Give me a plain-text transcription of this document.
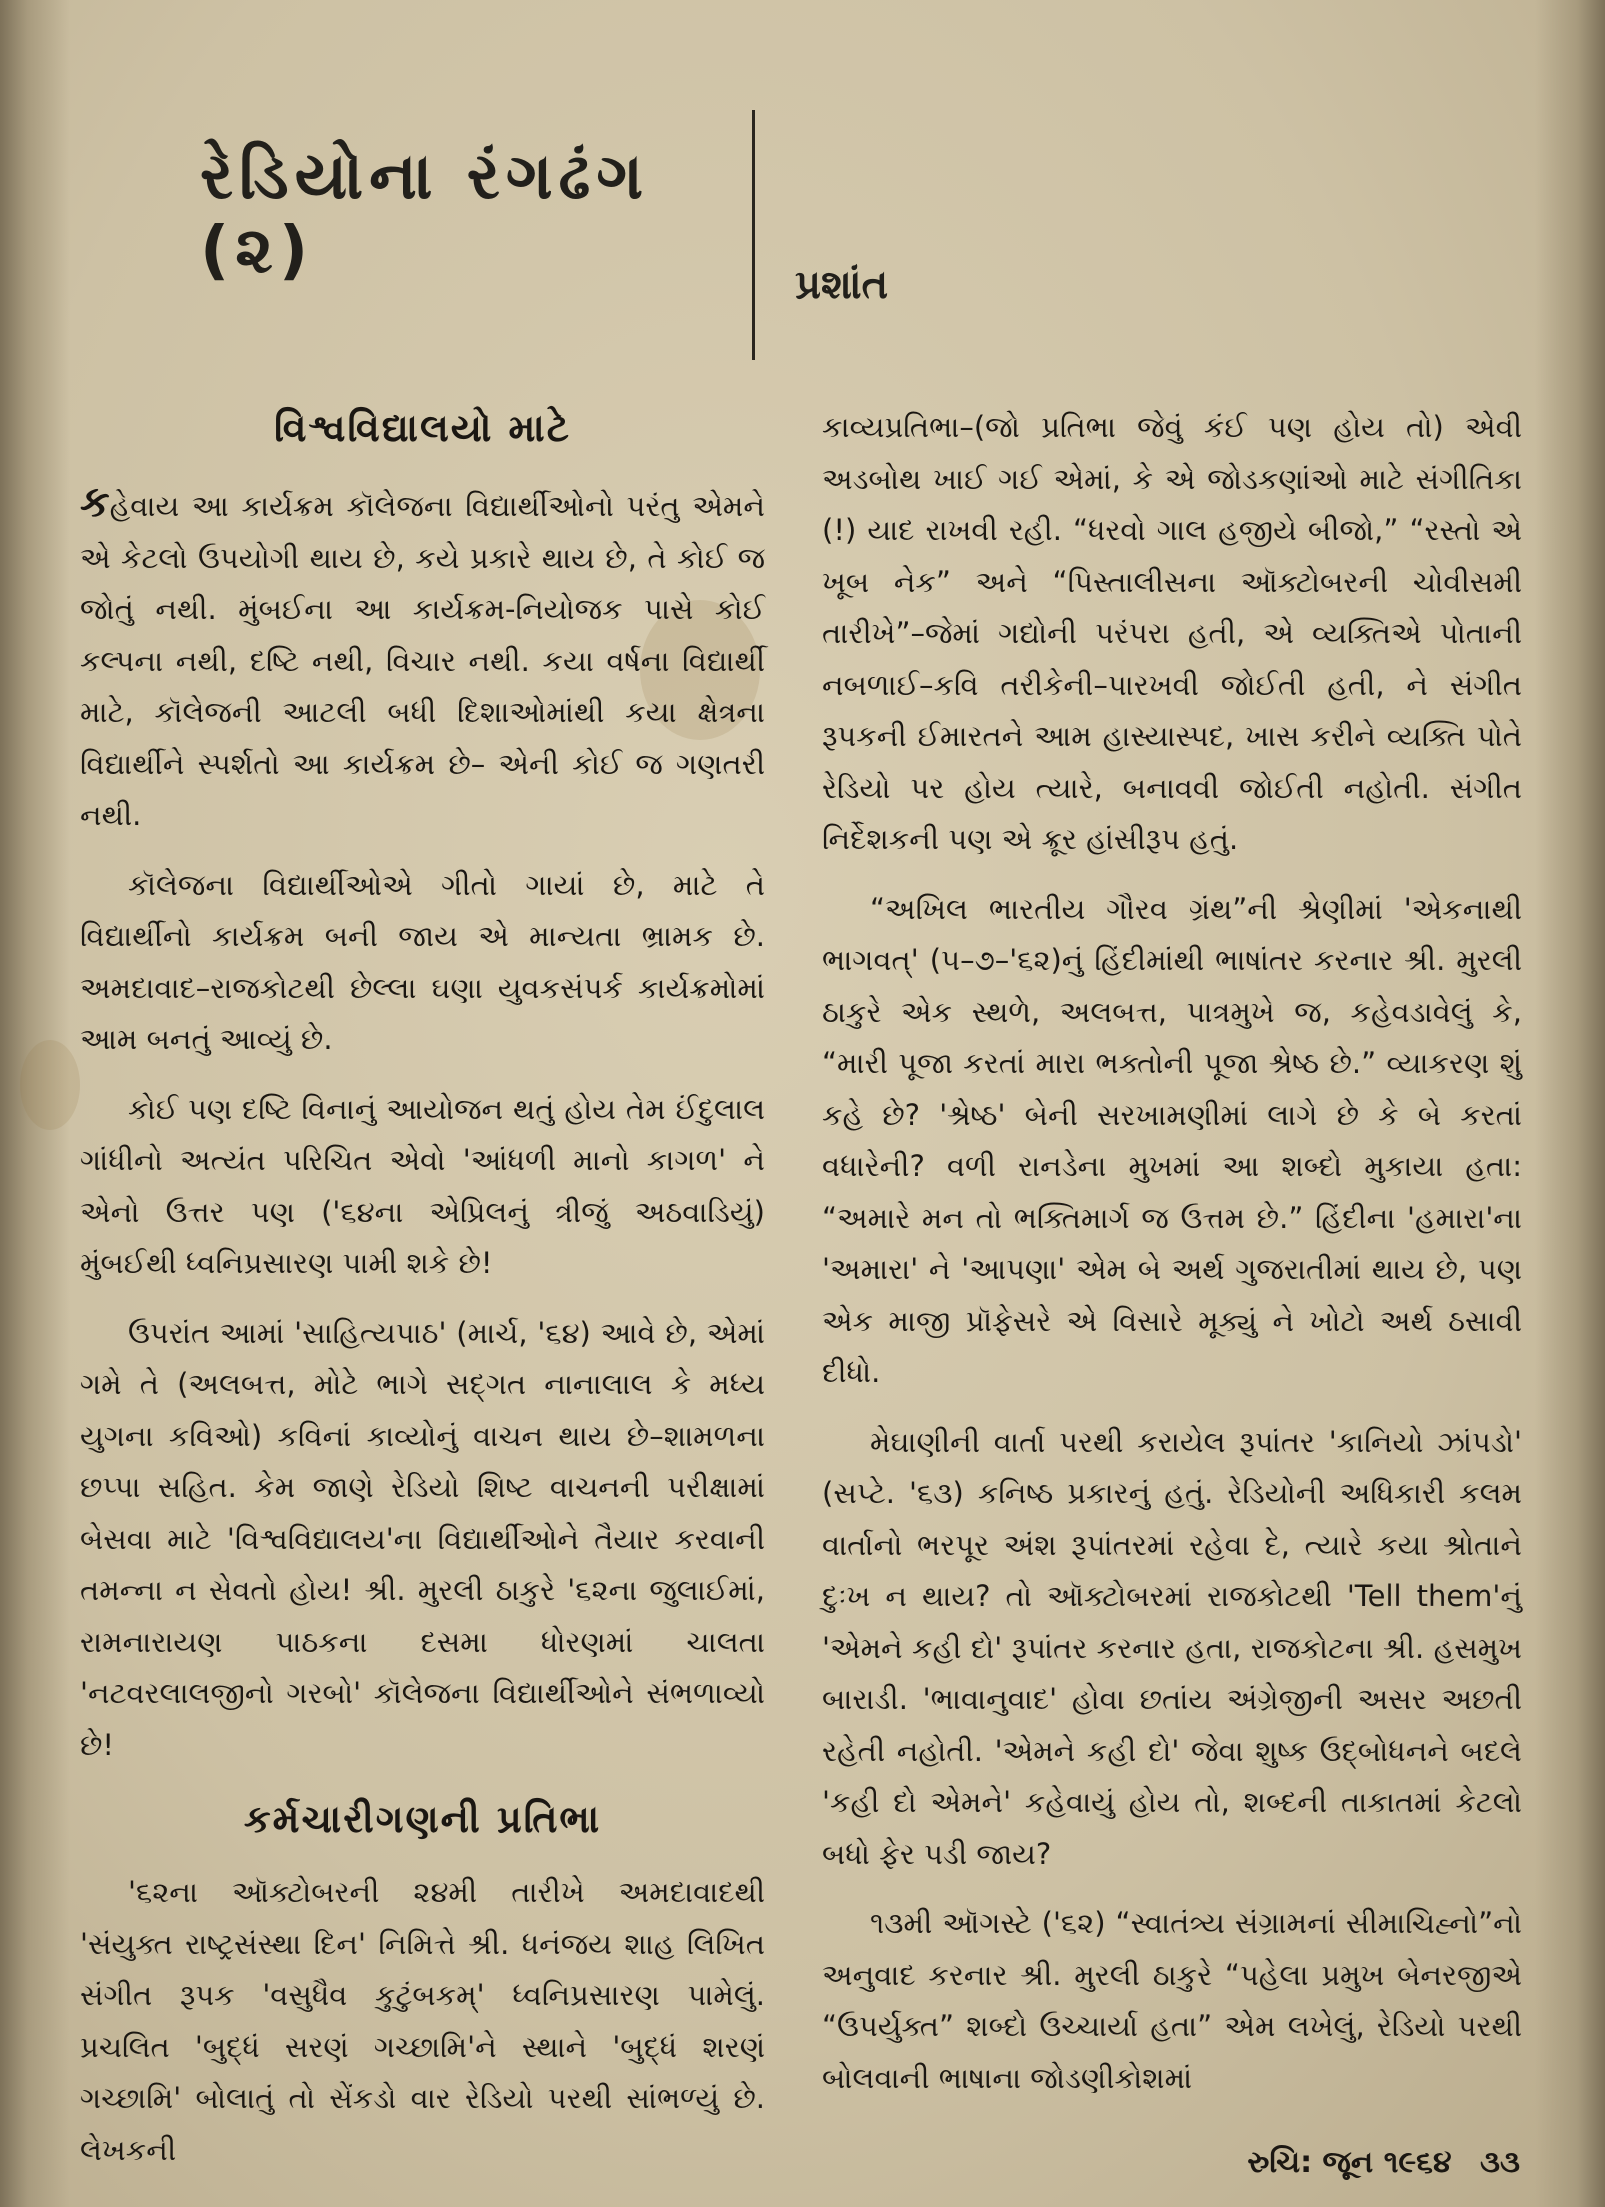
રેડિયોના રંગઢંગ (૨)	પ્રશાંત
વિશ્વવિદ્યાલયો માટે

કહેવાય આ કાર્યક્રમ કૉલેજના વિદ્યાર્થીઓનો પરંતુ એમને એ કેટલો ઉપયોગી થાય છે, કયે પ્રકારે થાય છે, તે કોઈ જ જોતું નથી. મુંબઈના આ કાર્યક્રમ-નિયોજક પાસે કોઈ કલ્પના નથી, દષ્ટિ નથી, વિચાર નથી. કયા વર્ષના વિદ્યાર્થી માટે, કૉલેજની આટલી બધી દિશાઓમાંથી કયા ક્ષેત્રના વિદ્યાર્થીને સ્પર્શતો આ કાર્યક્રમ છે– એની કોઈ જ ગણતરી નથી.

કૉલેજના વિદ્યાર્થીઓએ ગીતો ગાયાં છે, માટે તે વિદ્યાર્થીનો કાર્યક્રમ બની જાય એ માન્યતા ભ્રામક છે. અમદાવાદ–રાજકોટથી છેલ્લા ઘણા યુવકસંપર્ક કાર્યક્રમોમાં આમ બનતું આવ્યું છે.

કોઈ પણ દષ્ટિ વિનાનું આયોજન થતું હોય તેમ ઈંદુલાલ ગાંધીનો અત્યંત પરિચિત એવો 'આંધળી માનો કાગળ' ને એનો ઉત્તર પણ ('૬૪ના એપ્રિલનું ત્રીજું અઠવાડિયું) મુંબઈથી ધ્વનિપ્રસારણ પામી શકે છે!

ઉપરાંત આમાં 'સાહિત્યપાઠ' (માર્ચ, '૬૪) આવે છે, એમાં ગમે તે (અલબત્ત, મોટે ભાગે સદ્‌ગત નાનાલાલ કે મધ્ય યુગના કવિઓ) કવિનાં કાવ્યોનું વાચન થાય છે–શામળના છપ્પા સહિત. કેમ જાણે રેડિયો શિષ્ટ વાચનની પરીક્ષામાં બેસવા માટે 'વિશ્વવિદ્યાલય'ના વિદ્યાર્થીઓને તૈયાર કરવાની તમન્ના ન સેવતો હોય! શ્રી. મુરલી ઠાકુરે '૬૨ના જુલાઈમાં, રામનારાયણ પાઠકના દસમા ધોરણમાં ચાલતા 'નટવરલાલજીનો ગરબો' કૉલેજના વિદ્યાર્થીઓને સંભળાવ્યો છે!

કર્મચારીગણની પ્રતિભા

'૬૨ના ઑક્ટોબરની ૨૪મી તારીખે અમદાવાદથી 'સંયુક્ત રાષ્ટ્રસંસ્થા દિન' નિમિત્તે શ્રી. ધનંજય શાહ લિખિત સંગીત રૂપક 'વસુધૈવ કુટુંબકમ્' ધ્વનિપ્રસારણ પામેલું. પ્રચલિત 'બુદ્ધં સરણં ગચ્છામિ'ને સ્થાને 'બુદ્ધં શરણં ગચ્છામિ' બોલાતું તો સેંકડો વાર રેડિયો પરથી સાંભળ્યું છે. લેખકની

કાવ્યપ્રતિભા–(જો પ્રતિભા જેવું કંઈ પણ હોય તો) એવી અડબોથ ખાઈ ગઈ એમાં, કે એ જોડકણાંઓ માટે સંગીતિકા (!) યાદ રાખવી રહી. “ધરવો ગાલ હજીયે બીજો,” “રસ્તો એ ખૂબ નેક” અને “પિસ્તાલીસના ઑક્ટોબરની ચોવીસમી તારીખે”–જેમાં ગદ્યોની પરંપરા હતી, એ વ્યક્તિએ પોતાની નબળાઈ–કવિ તરીકેની–પારખવી જોઈતી હતી, ને સંગીત રૂપકની ઈમારતને આમ હાસ્યાસ્પદ, ખાસ કરીને વ્યક્તિ પોતે રેડિયો પર હોય ત્યારે, બનાવવી જોઈતી નહોતી. સંગીત નિર્દેશકની પણ એ ક્રૂર હાંસીરૂપ હતું.

“અખિલ ભારતીય ગૌરવ ગ્રંથ”ની શ્રેણીમાં 'એકનાથી ભાગવત્' (૫–૭–'૬૨)નું હિંદીમાંથી ભાષાંતર કરનાર શ્રી. મુરલી ઠાકુરે એક સ્થળે, અલબત્ત, પાત્રમુખે જ, કહેવડાવેલું કે, “મારી પૂજા કરતાં મારા ભક્તોની પૂજા શ્રેષ્ઠ છે.” વ્યાકરણ શું કહે છે? 'શ્રેષ્ઠ' બેની સરખામણીમાં લાગે છે કે બે કરતાં વધારેની? વળી રાનડેના મુખમાં આ શબ્દો મુકાયા હતા: “અમારે મન તો ભક્તિમાર્ગ જ ઉત્તમ છે.” હિંદીના 'હમારા'ના 'અમારા' ને 'આપણા' એમ બે અર્થ ગુજરાતીમાં થાય છે, પણ એક માજી પ્રૉફેસરે એ વિસારે મૂક્યું ને ખોટો અર્થ ઠસાવી દીધો.

મેઘાણીની વાર્તા પરથી કરાયેલ રૂપાંતર 'કાનિયો ઝાંપડો' (સપ્ટે. '૬૩) કનિષ્ઠ પ્રકારનું હતું. રેડિયોની અધિકારી કલમ વાર્તાનો ભરપૂર અંશ રૂપાંતરમાં રહેવા દે, ત્યારે કયા શ્રોતાને દુઃખ ન થાય? તો ઑક્ટોબરમાં રાજકોટથી 'Tell them'નું 'એમને કહી દો' રૂપાંતર કરનાર હતા, રાજકોટના શ્રી. હસમુખ બારાડી. 'ભાવાનુવાદ' હોવા છતાંય અંગ્રેજીની અસર અછતી રહેતી નહોતી. 'એમને કહી દો' જેવા શુષ્ક ઉદ્‌બોધનને બદલે 'કહી દો એમને' કહેવાયું હોય તો, શબ્દની તાકાતમાં કેટલો બધો ફેર પડી જાય?

૧૩મી ઑગસ્ટે ('૬૨) “સ્વાતંત્ર્ય સંગ્રામનાં સીમાચિહ્નો”નો અનુવાદ કરનાર શ્રી. મુરલી ઠાકુરે “પહેલા પ્રમુખ બેનરજીએ “ઉપર્યુક્ત” શબ્દો ઉચ્ચાર્યા હતા” એમ લખેલું, રેડિયો પરથી બોલવાની ભાષાના જોડણીકોશમાં

રુચિ: જૂન ૧૯૬૪ ૩૩
